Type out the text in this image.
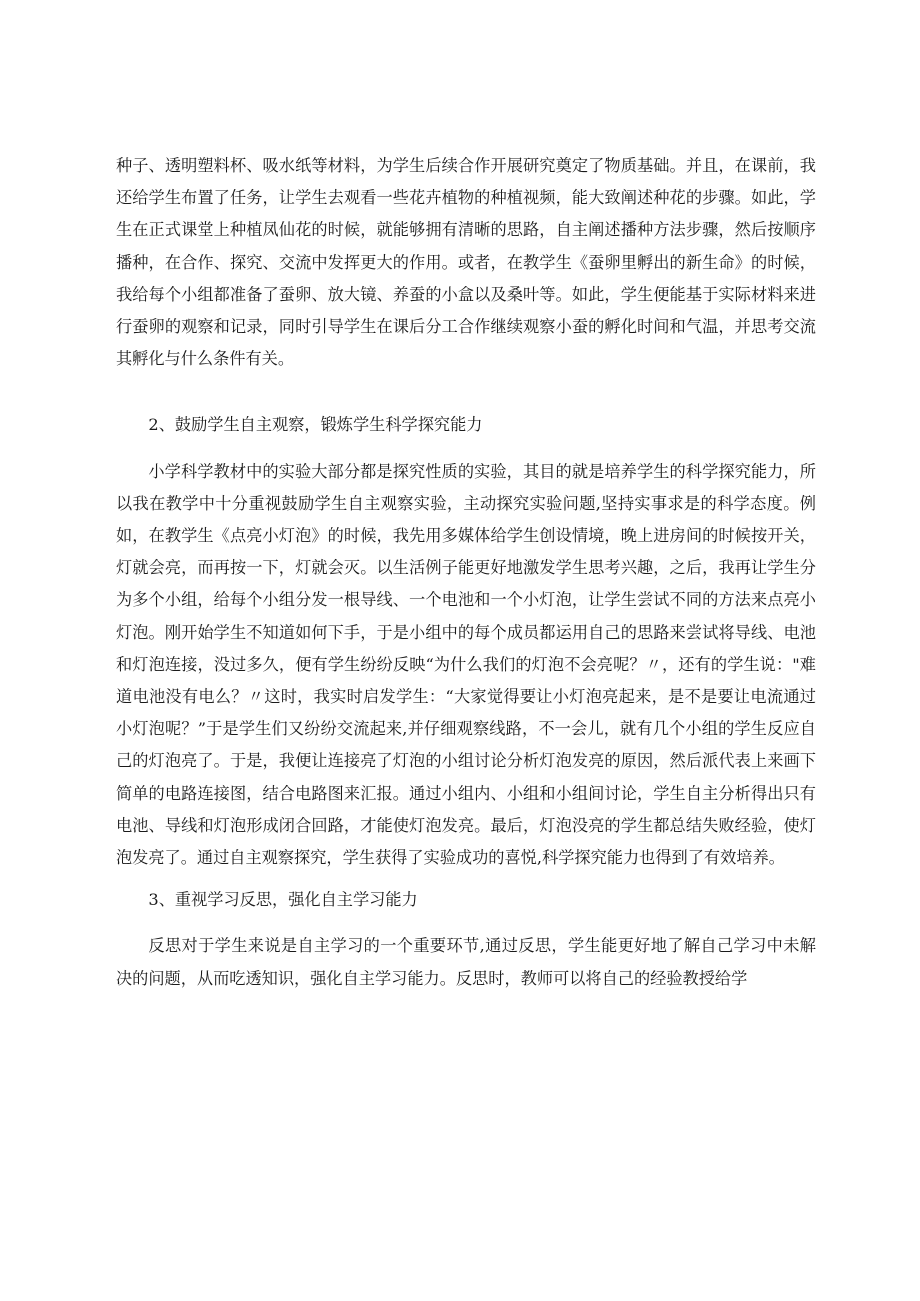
种子、透明塑料杯、吸水纸等材料，为学生后续合作开展研究奠定了物质基础。并且，在课前，我还给学生布置了任务，让学生去观看一些花卉植物的种植视频，能大致阐述种花的步骤。如此，学生在正式课堂上种植凤仙花的时候，就能够拥有清晰的思路，自主阐述播种方法步骤，然后按顺序播种，在合作、探究、交流中发挥更大的作用。或者，在教学生《蚕卵里孵出的新生命》的时候，我给每个小组都准备了蚕卵、放大镜、养蚕的小盒以及桑叶等。如此，学生便能基于实际材料来进行蚕卵的观察和记录，同时引导学生在课后分工合作继续观察小蚕的孵化时间和气温，并思考交流其孵化与什么条件有关。

2、鼓励学生自主观察，锻炼学生科学探究能力

小学科学教材中的实验大部分都是探究性质的实验，其目的就是培养学生的科学探究能力，所以我在教学中十分重视鼓励学生自主观察实验，主动探究实验问题,坚持实事求是的科学态度。例如，在教学生《点亮小灯泡》的时候，我先用多媒体给学生创设情境，晚上进房间的时候按开关，灯就会亮，而再按一下，灯就会灭。以生活例子能更好地激发学生思考兴趣，之后，我再让学生分为多个小组，给每个小组分发一根导线、一个电池和一个小灯泡，让学生尝试不同的方法来点亮小灯泡。刚开始学生不知道如何下手，于是小组中的每个成员都运用自己的思路来尝试将导线、电池和灯泡连接，没过多久，便有学生纷纷反映“为什么我们的灯泡不会亮呢？〃，还有的学生说："难道电池没有电么？〃这时，我实时启发学生：“大家觉得要让小灯泡亮起来，是不是要让电流通过小灯泡呢？”于是学生们又纷纷交流起来,并仔细观察线路，不一会儿，就有几个小组的学生反应自己的灯泡亮了。于是，我便让连接亮了灯泡的小组讨论分析灯泡发亮的原因，然后派代表上来画下简单的电路连接图，结合电路图来汇报。通过小组内、小组和小组间讨论，学生自主分析得出只有电池、导线和灯泡形成闭合回路，才能使灯泡发亮。最后，灯泡没亮的学生都总结失败经验，使灯泡发亮了。通过自主观察探究，学生获得了实验成功的喜悦,科学探究能力也得到了有效培养。

3、重视学习反思，强化自主学习能力

反思对于学生来说是自主学习的一个重要环节,通过反思，学生能更好地了解自己学习中未解决的问题，从而吃透知识，强化自主学习能力。反思时，教师可以将自己的经验教授给学
